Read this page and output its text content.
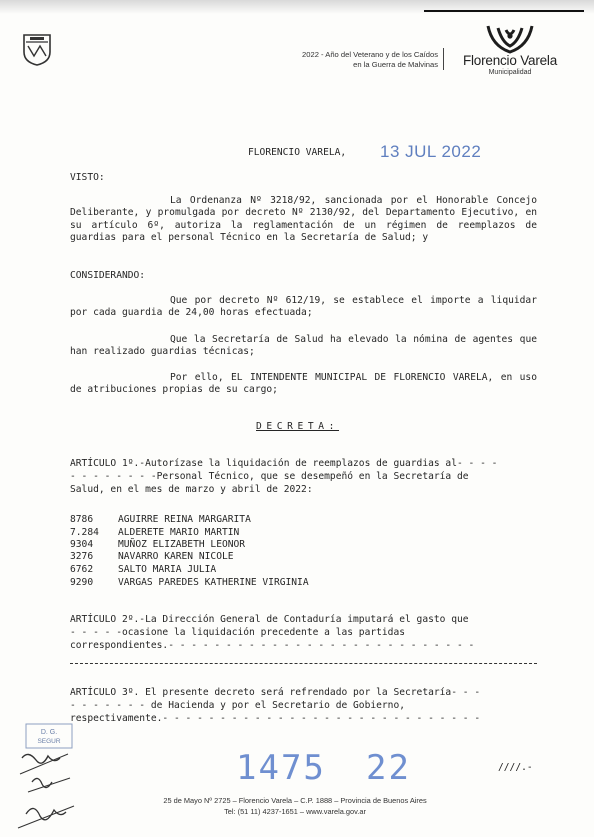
2022 - Año del Veterano y de los Caídos
en la Guerra de Malvinas	Florencio Varela
Municipalidad
FLORENCIO VARELA, 13 JUL 2022
VISTO:
La Ordenanza Nº 3218/92, sancionada por el Honorable Concejo Deliberante, y promulgada por decreto Nº 2130/92, del Departamento Ejecutivo, en su artículo 6º, autoriza la reglamentación de un régimen de reemplazos de guardias para el personal Técnico en la Secretaría de Salud; y
CONSIDERANDO:
Que por decreto Nº 612/19, se establece el importe a liquidar por cada guardia de 24,00 horas efectuada;
Que la Secretaría de Salud ha elevado la nómina de agentes que han realizado guardias técnicas;
Por ello, EL INTENDENTE MUNICIPAL DE FLORENCIO VARELA, en uso de atribuciones propias de su cargo;
DECRETA:
ARTÍCULO 1º.-Autorízase la liquidación de reemplazos de guardias al- - - -
- - - - - - - -Personal Técnico, que se desempeñó en la Secretaría de
Salud, en el mes de marzo y abril de 2022:
8786	AGUIRRE REINA MARGARITA
7.284	ALDERETE MARIO MARTIN
9304	MUÑOZ ELIZABETH LEONOR
3276	NAVARRO KAREN NICOLE
6762	SALTO MARIA JULIA
9290	VARGAS PAREDES KATHERINE VIRGINIA
ARTÍCULO 2º.-La Dirección General de Contaduría imputará el gasto que
- - - - -ocasione la liquidación precedente a las partidas
correspondientes.- - - - - - - - - - - - - - - - - - - - - - - - - - -
ARTÍCULO 3º. El presente decreto será refrendado por la Secretaría- - -
- - - - - - - de Hacienda y por el Secretario de Gobierno,
respectivamente.- - - - - - - - - - - - - - - - - - - - - - - - - - - -
1475 22	////.-
D. G.
SEGUR
25 de Mayo Nº 2725 – Florencio Varela – C.P. 1888 – Provincia de Buenos Aires
Tel: (51 11) 4237-1651 – www.varela.gov.ar
